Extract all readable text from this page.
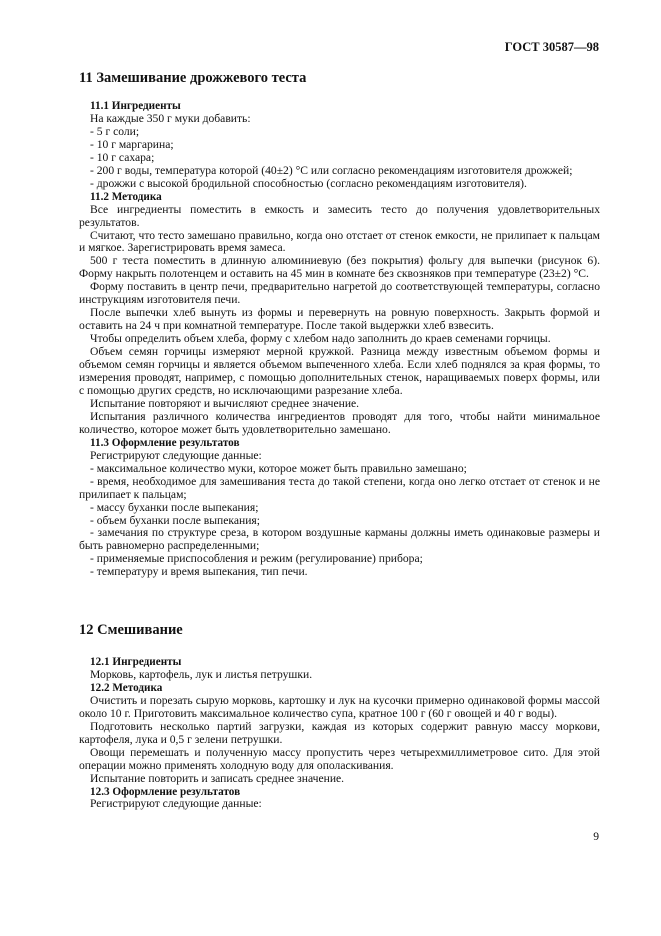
ГОСТ 30587—98
11 Замешивание дрожжевого теста
11.1 Ингредиенты
На каждые 350 г муки добавить:
- 5 г соли;
- 10 г маргарина;
- 10 г сахара;
- 200 г воды, температура которой (40±2) °С или согласно рекомендациям изготовителя дрожжей;
- дрожжи с высокой бродильной способностью (согласно рекомендациям изготовителя).
11.2 Методика
Все ингредиенты поместить в емкость и замесить тесто до получения удовлетворительных результатов.
Считают, что тесто замешано правильно, когда оно отстает от стенок емкости, не прилипает к пальцам и мягкое. Зарегистрировать время замеса.
500 г теста поместить в длинную алюминиевую (без покрытия) фольгу для выпечки (рисунок 6). Форму накрыть полотенцем и оставить на 45 мин в комнате без сквозняков при температуре (23±2) °С.
Форму поставить в центр печи, предварительно нагретой до соответствующей температуры, согласно инструкциям изготовителя печи.
После выпечки хлеб вынуть из формы и перевернуть на ровную поверхность. Закрыть формой и оставить на 24 ч при комнатной температуре. После такой выдержки хлеб взвесить.
Чтобы определить объем хлеба, форму с хлебом надо заполнить до краев семенами горчицы.
Объем семян горчицы измеряют мерной кружкой. Разница между известным объемом формы и объемом семян горчицы и является объемом выпеченного хлеба. Если хлеб поднялся за края формы, то измерения проводят, например, с помощью дополнительных стенок, наращиваемых поверх формы, или с помощью других средств, но исключающими разрезание хлеба.
Испытание повторяют и вычисляют среднее значение.
Испытания различного количества ингредиентов проводят для того, чтобы найти минимальное количество, которое может быть удовлетворительно замешано.
11.3 Оформление результатов
Регистрируют следующие данные:
- максимальное количество муки, которое может быть правильно замешано;
- время, необходимое для замешивания теста до такой степени, когда оно легко отстает от стенок и не прилипает к пальцам;
- массу буханки после выпекания;
- объем буханки после выпекания;
- замечания по структуре среза, в котором воздушные карманы должны иметь одинаковые размеры и быть равномерно распределенными;
- применяемые приспособления и режим (регулирование) прибора;
- температуру и время выпекания, тип печи.
12 Смешивание
12.1 Ингредиенты
Морковь, картофель, лук и листья петрушки.
12.2 Методика
Очистить и порезать сырую морковь, картошку и лук на кусочки примерно одинаковой формы массой около 10 г. Приготовить максимальное количество супа, кратное 100 г (60 г овощей и 40 г воды).
Подготовить несколько партий загрузки, каждая из которых содержит равную массу моркови, картофеля, лука и 0,5 г зелени петрушки.
Овощи перемешать и полученную массу пропустить через четырехмиллиметровое сито. Для этой операции можно применять холодную воду для ополаскивания.
Испытание повторить и записать среднее значение.
12.3 Оформление результатов
Регистрируют следующие данные:
9
